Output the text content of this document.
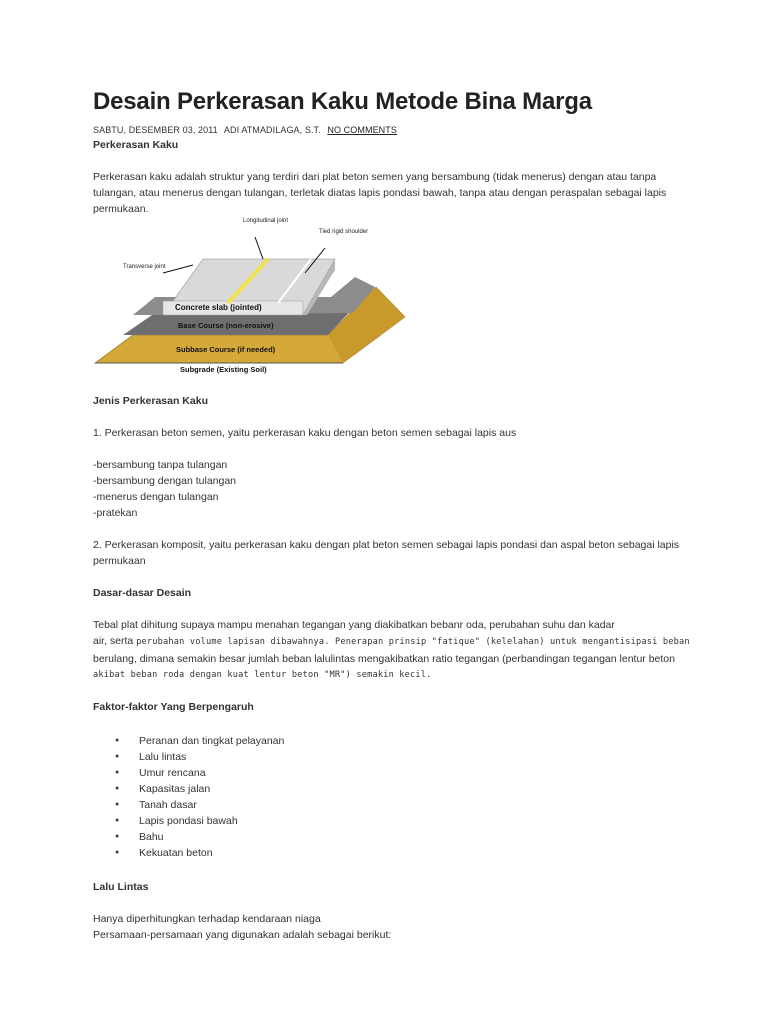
Desain Perkerasan Kaku Metode Bina Marga
SABTU, DESEMBER 03, 2011 ADI ATMADILAGA, S.T. NO COMMENTS
Perkerasan Kaku
Perkerasan kaku adalah struktur yang terdiri dari plat beton semen yang bersambung (tidak menerus) dengan atau tanpa
tulangan, atau menerus dengan tulangan, terletak diatas lapis pondasi bawah, tanpa atau dengan peraspalan sebagai lapis
permukaan.
Longitudinal joint
Tied rigid shoulder
Transverse joint
Concrete slab (jointed)
Base Course (non-erosive)
Subbase Course (if needed)
Subgrade (Existing Soil)
Jenis Perkerasan Kaku
1. Perkerasan beton semen, yaitu perkerasan kaku dengan beton semen sebagai lapis aus
-bersambung tanpa tulangan
-bersambung dengan tulangan
-menerus dengan tulangan
-pratekan
2. Perkerasan komposit, yaitu perkerasan kaku dengan plat beton semen sebagai lapis pondasi dan aspal beton sebagai lapis
permukaan
Dasar-dasar Desain
Tebal plat dihitung supaya mampu menahan tegangan yang diakibatkan bebanr oda, perubahan suhu dan kadar
air, serta perubahan volume lapisan dibawahnya. Penerapan prinsip "fatique" (kelelahan) untuk mengantisipasi beban
berulang, dimana semakin besar jumlah beban lalulintas mengakibatkan ratio tegangan (perbandingan tegangan lentur beton
akibat beban roda dengan kuat lentur beton "MR") semakin kecil.
Faktor-faktor Yang Berpengaruh
● Peranan dan tingkat pelayanan
● Lalu lintas
● Umur rencana
● Kapasitas jalan
● Tanah dasar
● Lapis pondasi bawah
● Bahu
● Kekuatan beton
Lalu Lintas
Hanya diperhitungkan terhadap kendaraan niaga
Persamaan-persamaan yang digunakan adalah sebagai berikut:
